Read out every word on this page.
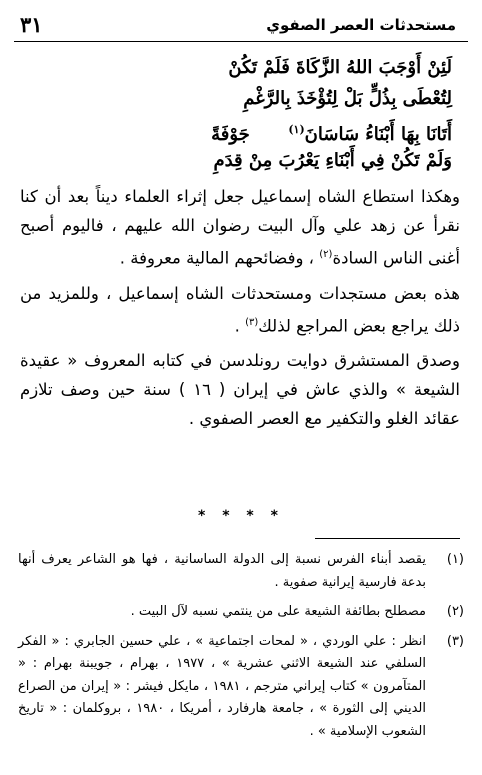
مستحدثات العصر الصفوي
٣١
لَئِنْ أَوْجَبَ اللهُ الزَّكَاةَ فَلَمْ تَكُنْ
لِتُعْطَى بِذُلٍّ بَلْ لِتُؤْخَذَ بِالرَّغْمِ
أَتَانَا بِهَا أَبْنَاءُ سَاسَانَ$^{(١)}$  جَوْفَةً
وَلَمْ تَكُنْ فِي أَبْنَاءِ يَعْرُبَ مِنْ قِدَمِ

وهكذا استطاع الشاه إسماعيل جعل إثراء العلماء ديناً بعد أن كنا نقرأ عن زهد علي وآل البيت رضوان الله عليهم ، فاليوم أصبح أغنى الناس السادة$^{(٢)}$ ، وفضائحهم المالية معروفة .

هذه بعض مستجدات ومستحدثات الشاه إسماعيل ، وللمزيد من ذلك يراجع بعض المراجع لذلك$^{(٣)}$ .

وصدق المستشرق دوايت رونلدسن في كتابه المعروف « عقيدة الشيعة » والذي عاش في إيران ( ١٦ ) سنة حين وصف تلازم عقائد الغلو والتكفير مع العصر الصفوي .

* * * *
(١)
يقصد أبناء الفرس نسبة إلى الدولة الساسانية ، فها هو الشاعر يعرف أنها بدعة فارسية إيرانية صفوية .
(٢)
مصطلح بطائفة الشيعة على من ينتمي نسبه لآل البيت .
(٣)
انظر : علي الوردي ، « لمحات اجتماعية » ، علي حسين الجابري : « الفكر السلفي عند الشيعة الاثني عشرية » ، ١٩٧٧ ، بهرام ، جويبنة بهرام : « المتآمرون » كتاب إيراني مترجم ، ١٩٨١ ، مايكل فيشر : « إيران من الصراع الديني إلى الثورة » ، جامعة هارفارد ، أمريكا ، ١٩٨٠ ، بروكلمان : « تاريخ الشعوب الإسلامية » .
